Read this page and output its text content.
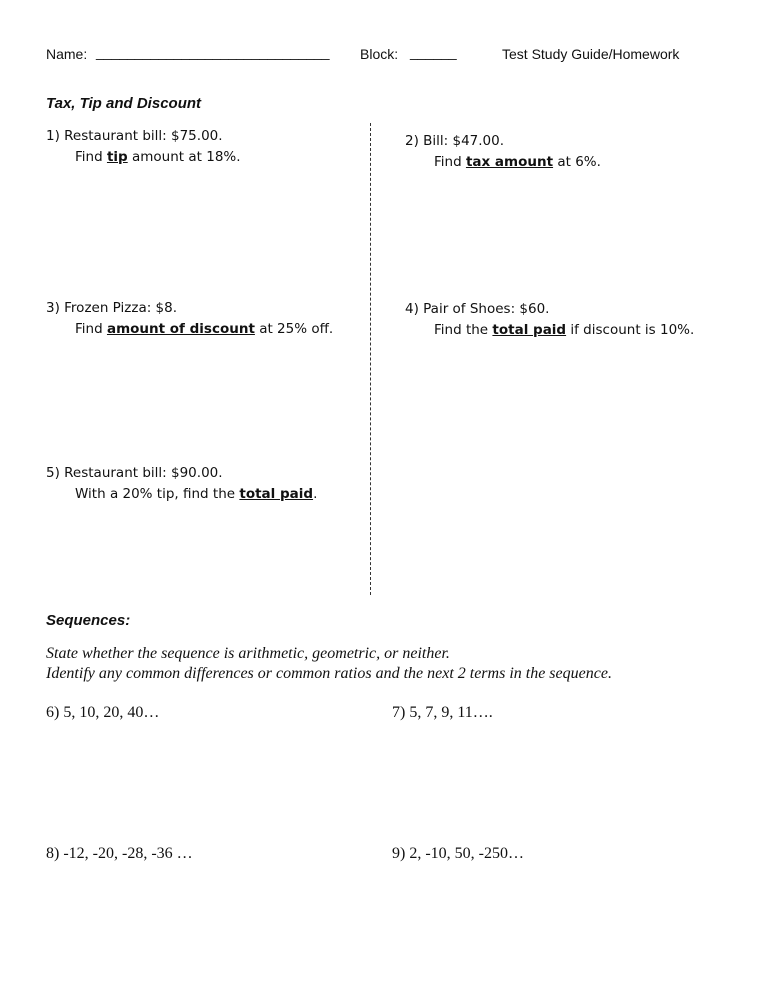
Name: ______________________________ Block: ______	Test Study Guide/Homework
Tax, Tip and Discount
1) Restaurant bill: $75.00.
Find tip amount at 18%.
2) Bill: $47.00.
Find tax amount at 6%.
3) Frozen Pizza: $8.
Find amount of discount at 25% off.
4) Pair of Shoes: $60.
Find the total paid if discount is 10%.
5) Restaurant bill: $90.00.
With a 20% tip, find the total paid.
Sequences:
State whether the sequence is arithmetic, geometric, or neither.
Identify any common differences or common ratios and the next 2 terms in the sequence.
6) 5, 10, 20, 40…	7) 5, 7, 9, 11….
8) -12, -20, -28, -36 …	9) 2, -10, 50, -250…
